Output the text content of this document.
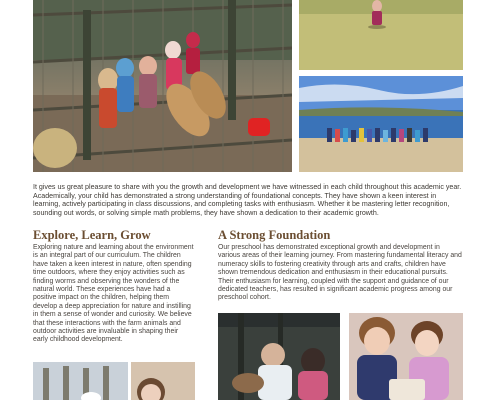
It gives us great pleasure to share with you the growth and development we have witnessed in each child throughout this academic year. Academically, your child has demonstrated a strong understanding of foundational concepts. They have shown a keen interest in learning, actively participating in class discussions, and completing tasks with enthusiasm. Whether it be mastering letter recognition, sounding out words, or solving simple math problems, they have shown a dedication to their academic growth.

Explore, Learn, Grow

Exploring nature and learning about the environment is an integral part of our curriculum. The children have taken a keen interest in nature, often spending time outdoors, where they enjoy activities such as finding worms and observing the wonders of the natural world. These experiences have had a positive impact on the children, helping them develop a deep appreciation for nature and instilling in them a sense of wonder and curiosity. We believe that these interactions with the farm animals and outdoor activities are invaluable in shaping their early childhood development.

A Strong Foundation

Our preschool has demonstrated exceptional growth and development in various areas of their learning journey. From mastering fundamental literacy and numeracy skills to fostering creativity through arts and crafts, children have shown tremendous dedication and enthusiasm in their educational pursuits. Their enthusiasm for learning, coupled with the support and guidance of our dedicated teachers, has resulted in significant academic progress among our preschool cohort.
